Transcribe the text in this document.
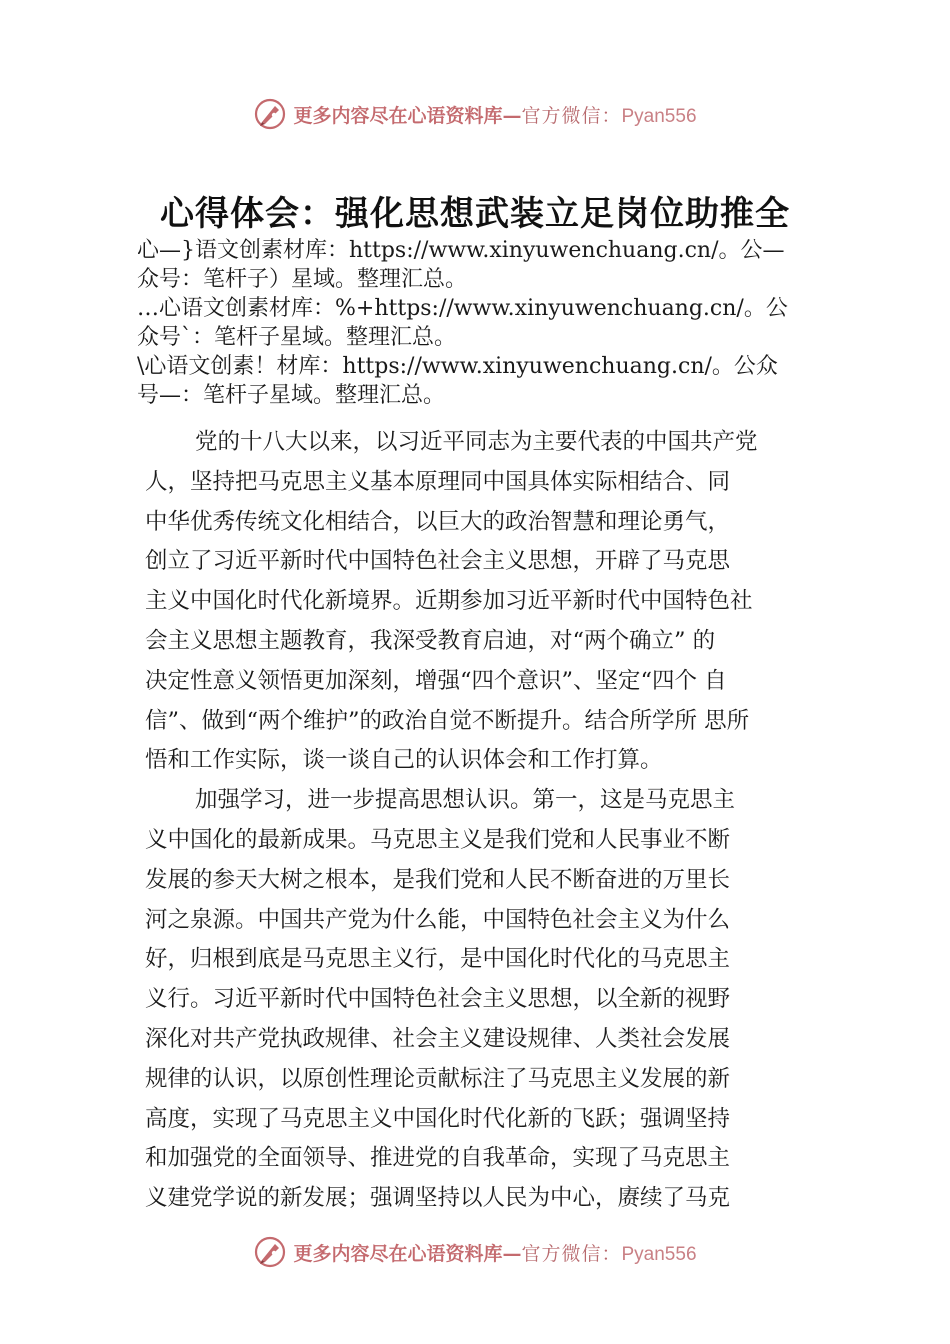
更多内容尽在心语资料库—官方微信：Pyan556
心得体会：强化思想武装立足岗位助推全
心—}语文创素材库：https://www.xinyuwenchuang.cn/。公—
众号：笔杆子）星域。整理汇总。
…心语文创素材库：%+https://www.xinyuwenchuang.cn/。公
众号`：笔杆子星域。整理汇总。
\心语文创素！材库：https://www.xinyuwenchuang.cn/。公众
号—：笔杆子星域。整理汇总。
党的十八大以来，以习近平同志为主要代表的中国共产党
人，坚持把马克思主义基本原理同中国具体实际相结合、同
中华优秀传统文化相结合，以巨大的政治智慧和理论勇气，
创立了习近平新时代中国特色社会主义思想，开辟了马克思
主义中国化时代化新境界。近期参加习近平新时代中国特色社
会主义思想主题教育，我深受教育启迪，对“两个确立” 的
决定性意义领悟更加深刻，增强“四个意识”、坚定“四个 自
信”、做到“两个维护”的政治自觉不断提升。结合所学所 思所
悟和工作实际，谈一谈自己的认识体会和工作打算。
加强学习，进一步提高思想认识。第一，这是马克思主
义中国化的最新成果。马克思主义是我们党和人民事业不断
发展的参天大树之根本，是我们党和人民不断奋进的万里长
河之泉源。中国共产党为什么能，中国特色社会主义为什么
好，归根到底是马克思主义行，是中国化时代化的马克思主
义行。习近平新时代中国特色社会主义思想，以全新的视野
深化对共产党执政规律、社会主义建设规律、人类社会发展
规律的认识，以原创性理论贡献标注了马克思主义发展的新
高度，实现了马克思主义中国化时代化新的飞跃；强调坚持
和加强党的全面领导、推进党的自我革命，实现了马克思主
义建党学说的新发展；强调坚持以人民为中心，赓续了马克
更多内容尽在心语资料库—官方微信：Pyan556
